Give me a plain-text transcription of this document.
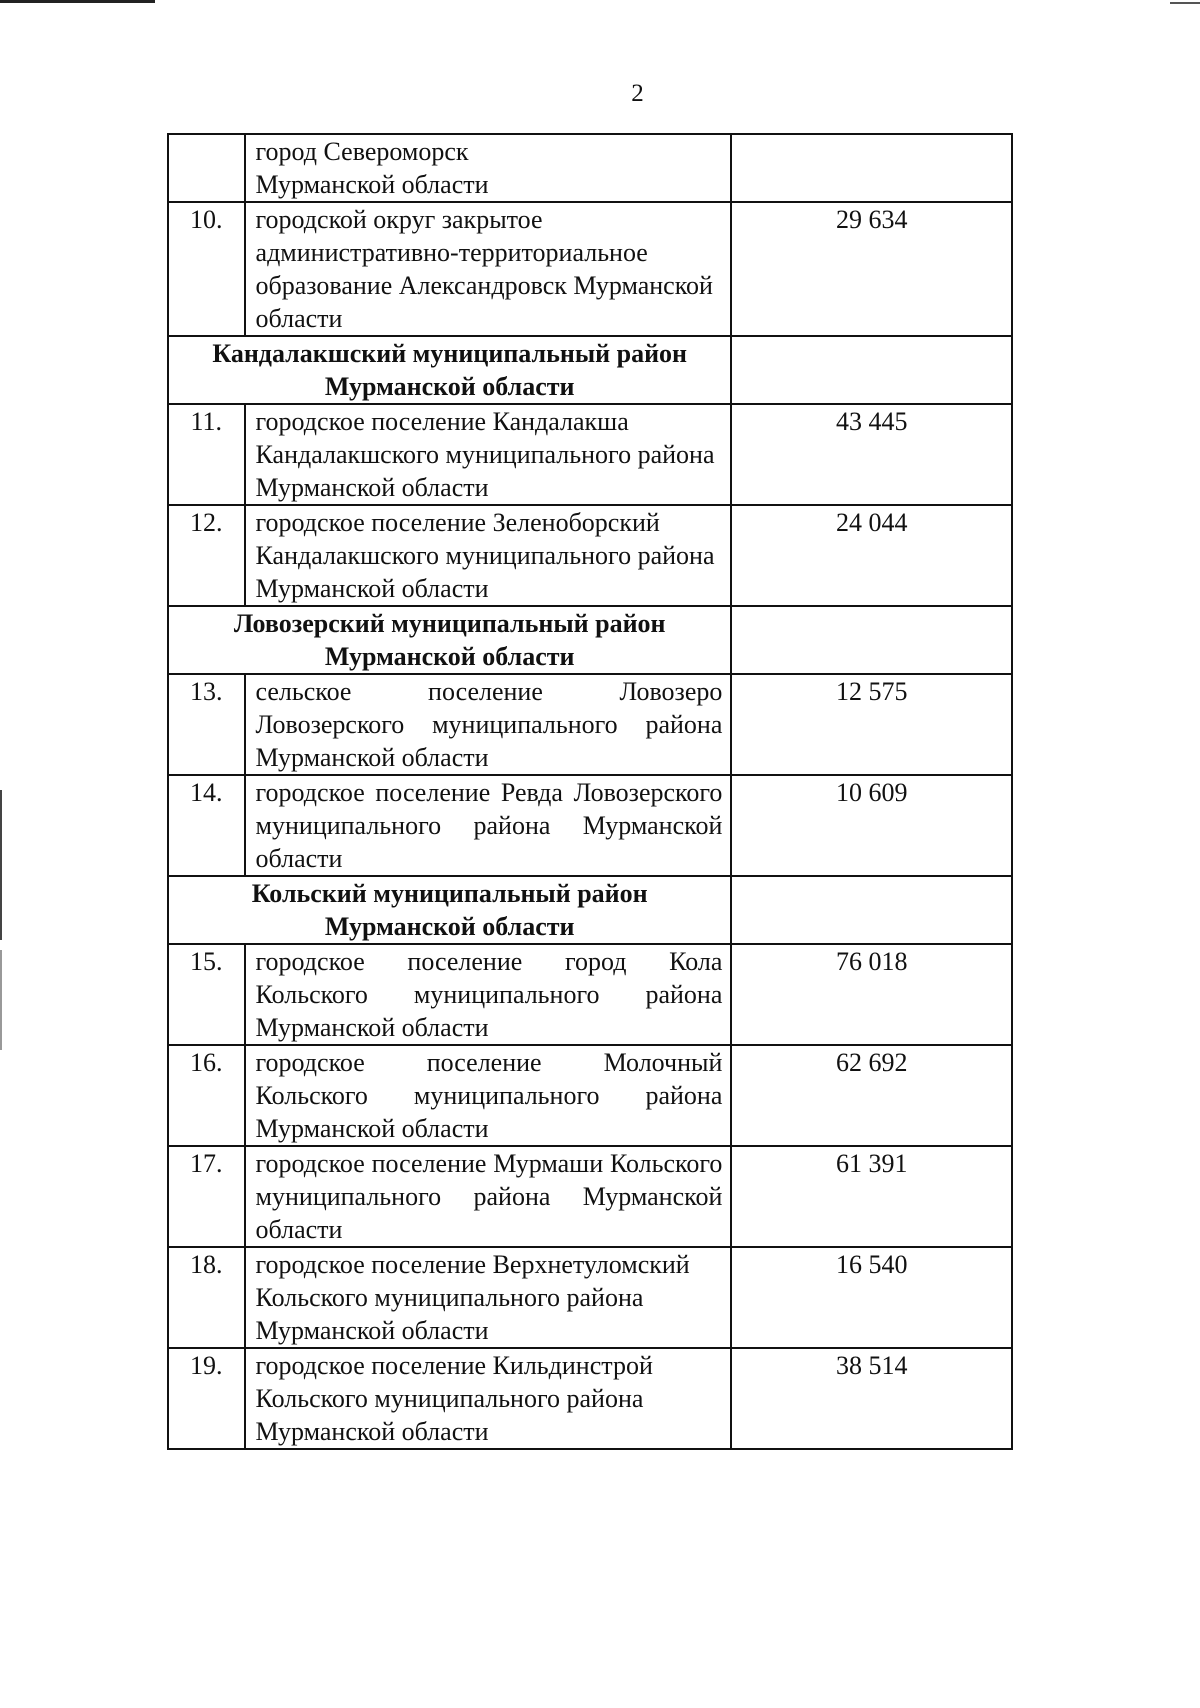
2
	город Североморск Мурманской области	
10.	городской округ закрытое административно-территориальное образование Александровск Мурманской области	29 634
Кандалакшский муниципальный район Мурманской области		
11.	городское поселение Кандалакша Кандалакшского муниципального района Мурманской области	43 445
12.	городское поселение Зеленоборский Кандалакшского муниципального района Мурманской области	24 044
Ловозерский муниципальный район Мурманской области		
13.	сельское поселение Ловозеро Ловозерского муниципального района Мурманской области	12 575
14.	городское поселение Ревда Ловозерского муниципального района Мурманской области	10 609
Кольский муниципальный район Мурманской области		
15.	городское поселение город Кола Кольского муниципального района Мурманской области	76 018
16.	городское поселение Молочный Кольского муниципального района Мурманской области	62 692
17.	городское поселение Мурмаши Кольского муниципального района Мурманской области	61 391
18.	городское поселение Верхнетуломский Кольского муниципального района Мурманской области	16 540
19.	городское поселение Кильдинстрой Кольского муниципального района Мурманской области	38 514
